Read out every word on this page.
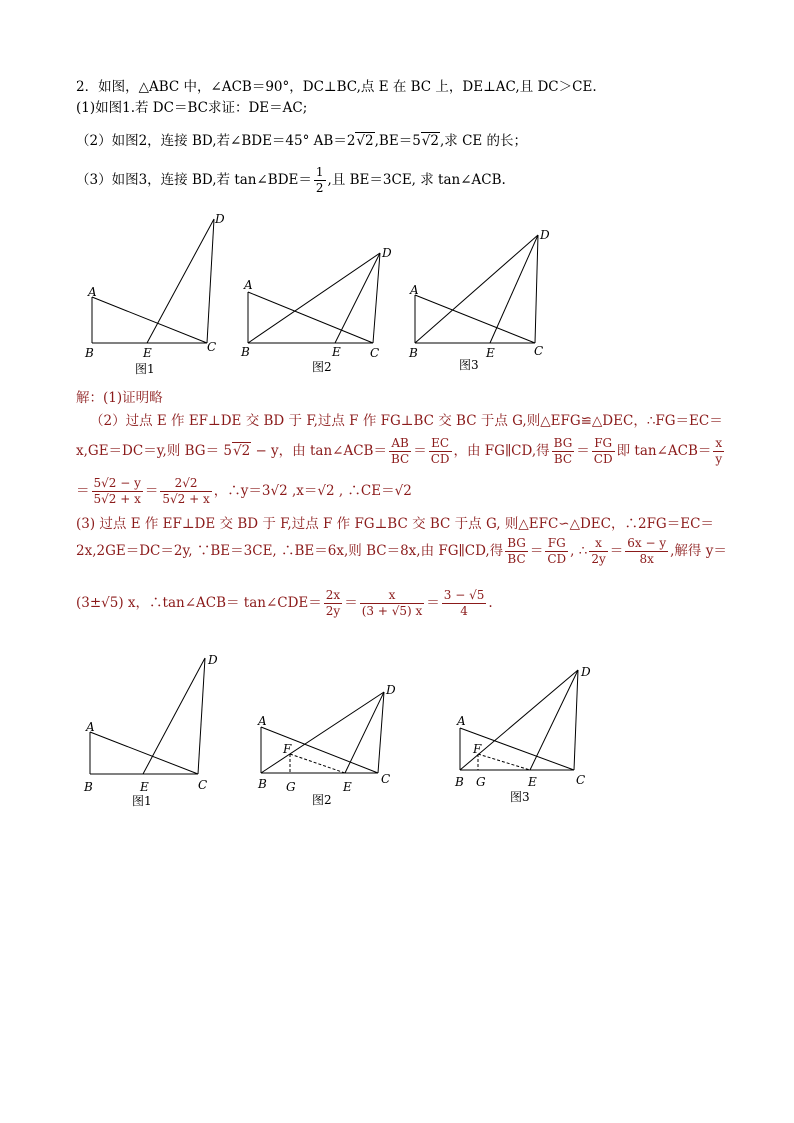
2．如图，△ABC 中，∠ACB＝90°，DC⊥BC,点 E 在 BC 上，DE⊥AC,且 DC＞CE.
(1)如图1.若 DC＝BC求证：DE＝AC;
（2）如图2，连接 BD,若∠BDE＝45° AB＝2√2,BE＝5√2,求 CE 的长；
（3）如图3，连接 BD,若 tan∠BDE＝ $\frac{1}{2}$ ,且 BE＝3CE, 求 tan∠ACB.
D
A
B	E	C
D
A
B	E C
D
A
B	E	C
图1	图2	图3
解：(1)证明略
（2）过点 E 作 EF⊥DE 交 BD 于 F,过点 F 作 FG⊥BC 交 BC 于点 G,则△EFG≌△DEC，∴FG＝EC＝
x,GE＝DC＝y,则 BG＝ 5√2 − y，由 tan∠ACB＝ $\frac{AB}{BC} = \frac{EC}{CD}$ ，由 FG∥CD,得 $\frac{BG}{BC} = \frac{FG}{CD}$ 即 tan∠ACB＝ $\frac{x}{y}$
＝ $\frac{5√2 - y}{5√2 + x} = \frac{2√2}{5√2 + x}$ ，∴y＝3√2 ,x＝√2 , ∴CE＝√2
(3) 过点 E 作 EF⊥DE 交 BD 于 F,过点 F 作 FG⊥BC 交 BC 于点 G, 则△EFC∽△DEC，∴2FG＝EC＝
2x,2GE＝DC＝2y, ∵BE＝3CE, ∴BE＝6x,则 BC＝8x,由 FG∥CD,得 $\frac{BG}{BC} = \frac{FG}{CD}$ , ∴ $\frac{x}{2y} = \frac{6x - y}{8x}$ ,解得 y＝
(3±√5) x，∴tan∠ACB＝ tan∠CDE＝ $\frac{2x}{2y} = \frac{x}{(3 + √5) x} = \frac{3 - √5}{4}$ .
D
A
B	E	C
D
A
B
F
G	E
C
D
A
B
F
G	E	C
图1	图2	图3
